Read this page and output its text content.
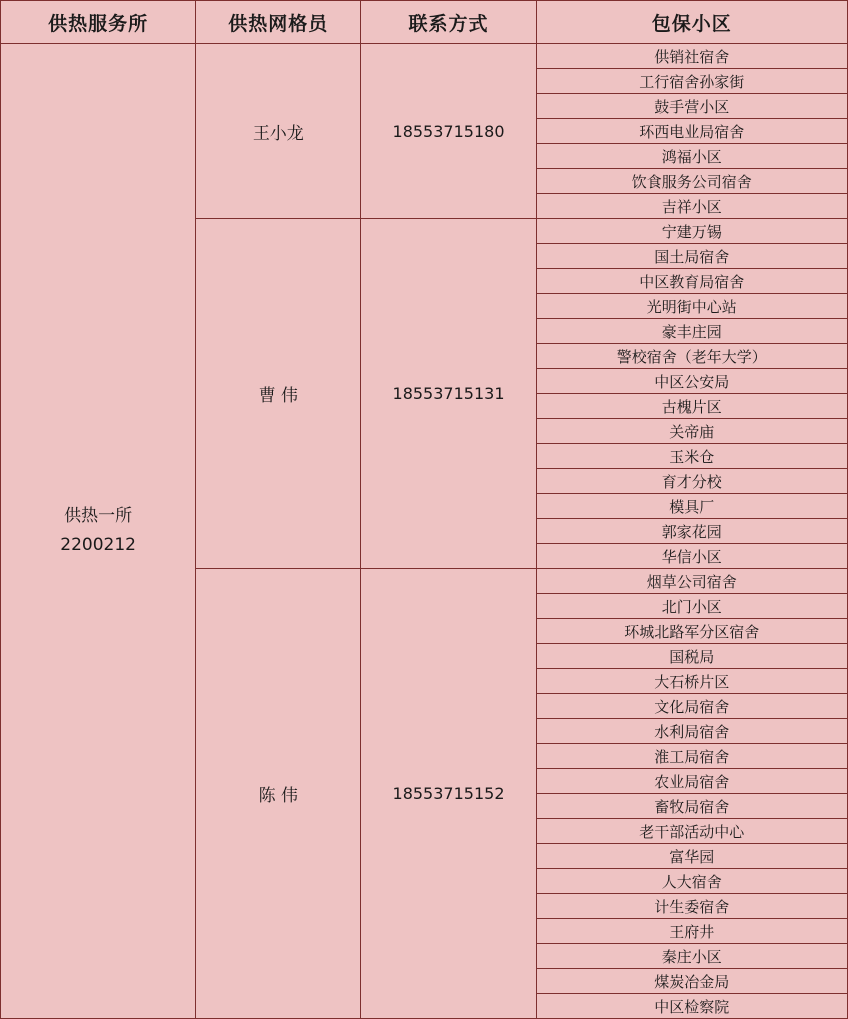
供热服务所	供热网格员	联系方式	包保小区
供热一所
2200212	王小龙	18553715180	供销社宿舍
			工行宿舍孙家街
			鼓手营小区
			环西电业局宿舍
			鸿福小区
			饮食服务公司宿舍
			吉祥小区
	曹 伟	18553715131	宁建万锡
			国土局宿舍
			中区教育局宿舍
			光明街中心站
			豪丰庄园
			警校宿舍（老年大学）
			中区公安局
			古槐片区
			关帝庙
			玉米仓
			育才分校
			模具厂
			郭家花园
			华信小区
	陈 伟	18553715152	烟草公司宿舍
			北门小区
			环城北路军分区宿舍
			国税局
			大石桥片区
			文化局宿舍
			水利局宿舍
			淮工局宿舍
			农业局宿舍
			畜牧局宿舍
			老干部活动中心
			富华园
			人大宿舍
			计生委宿舍
			王府井
			秦庄小区
			煤炭冶金局
			中区检察院
